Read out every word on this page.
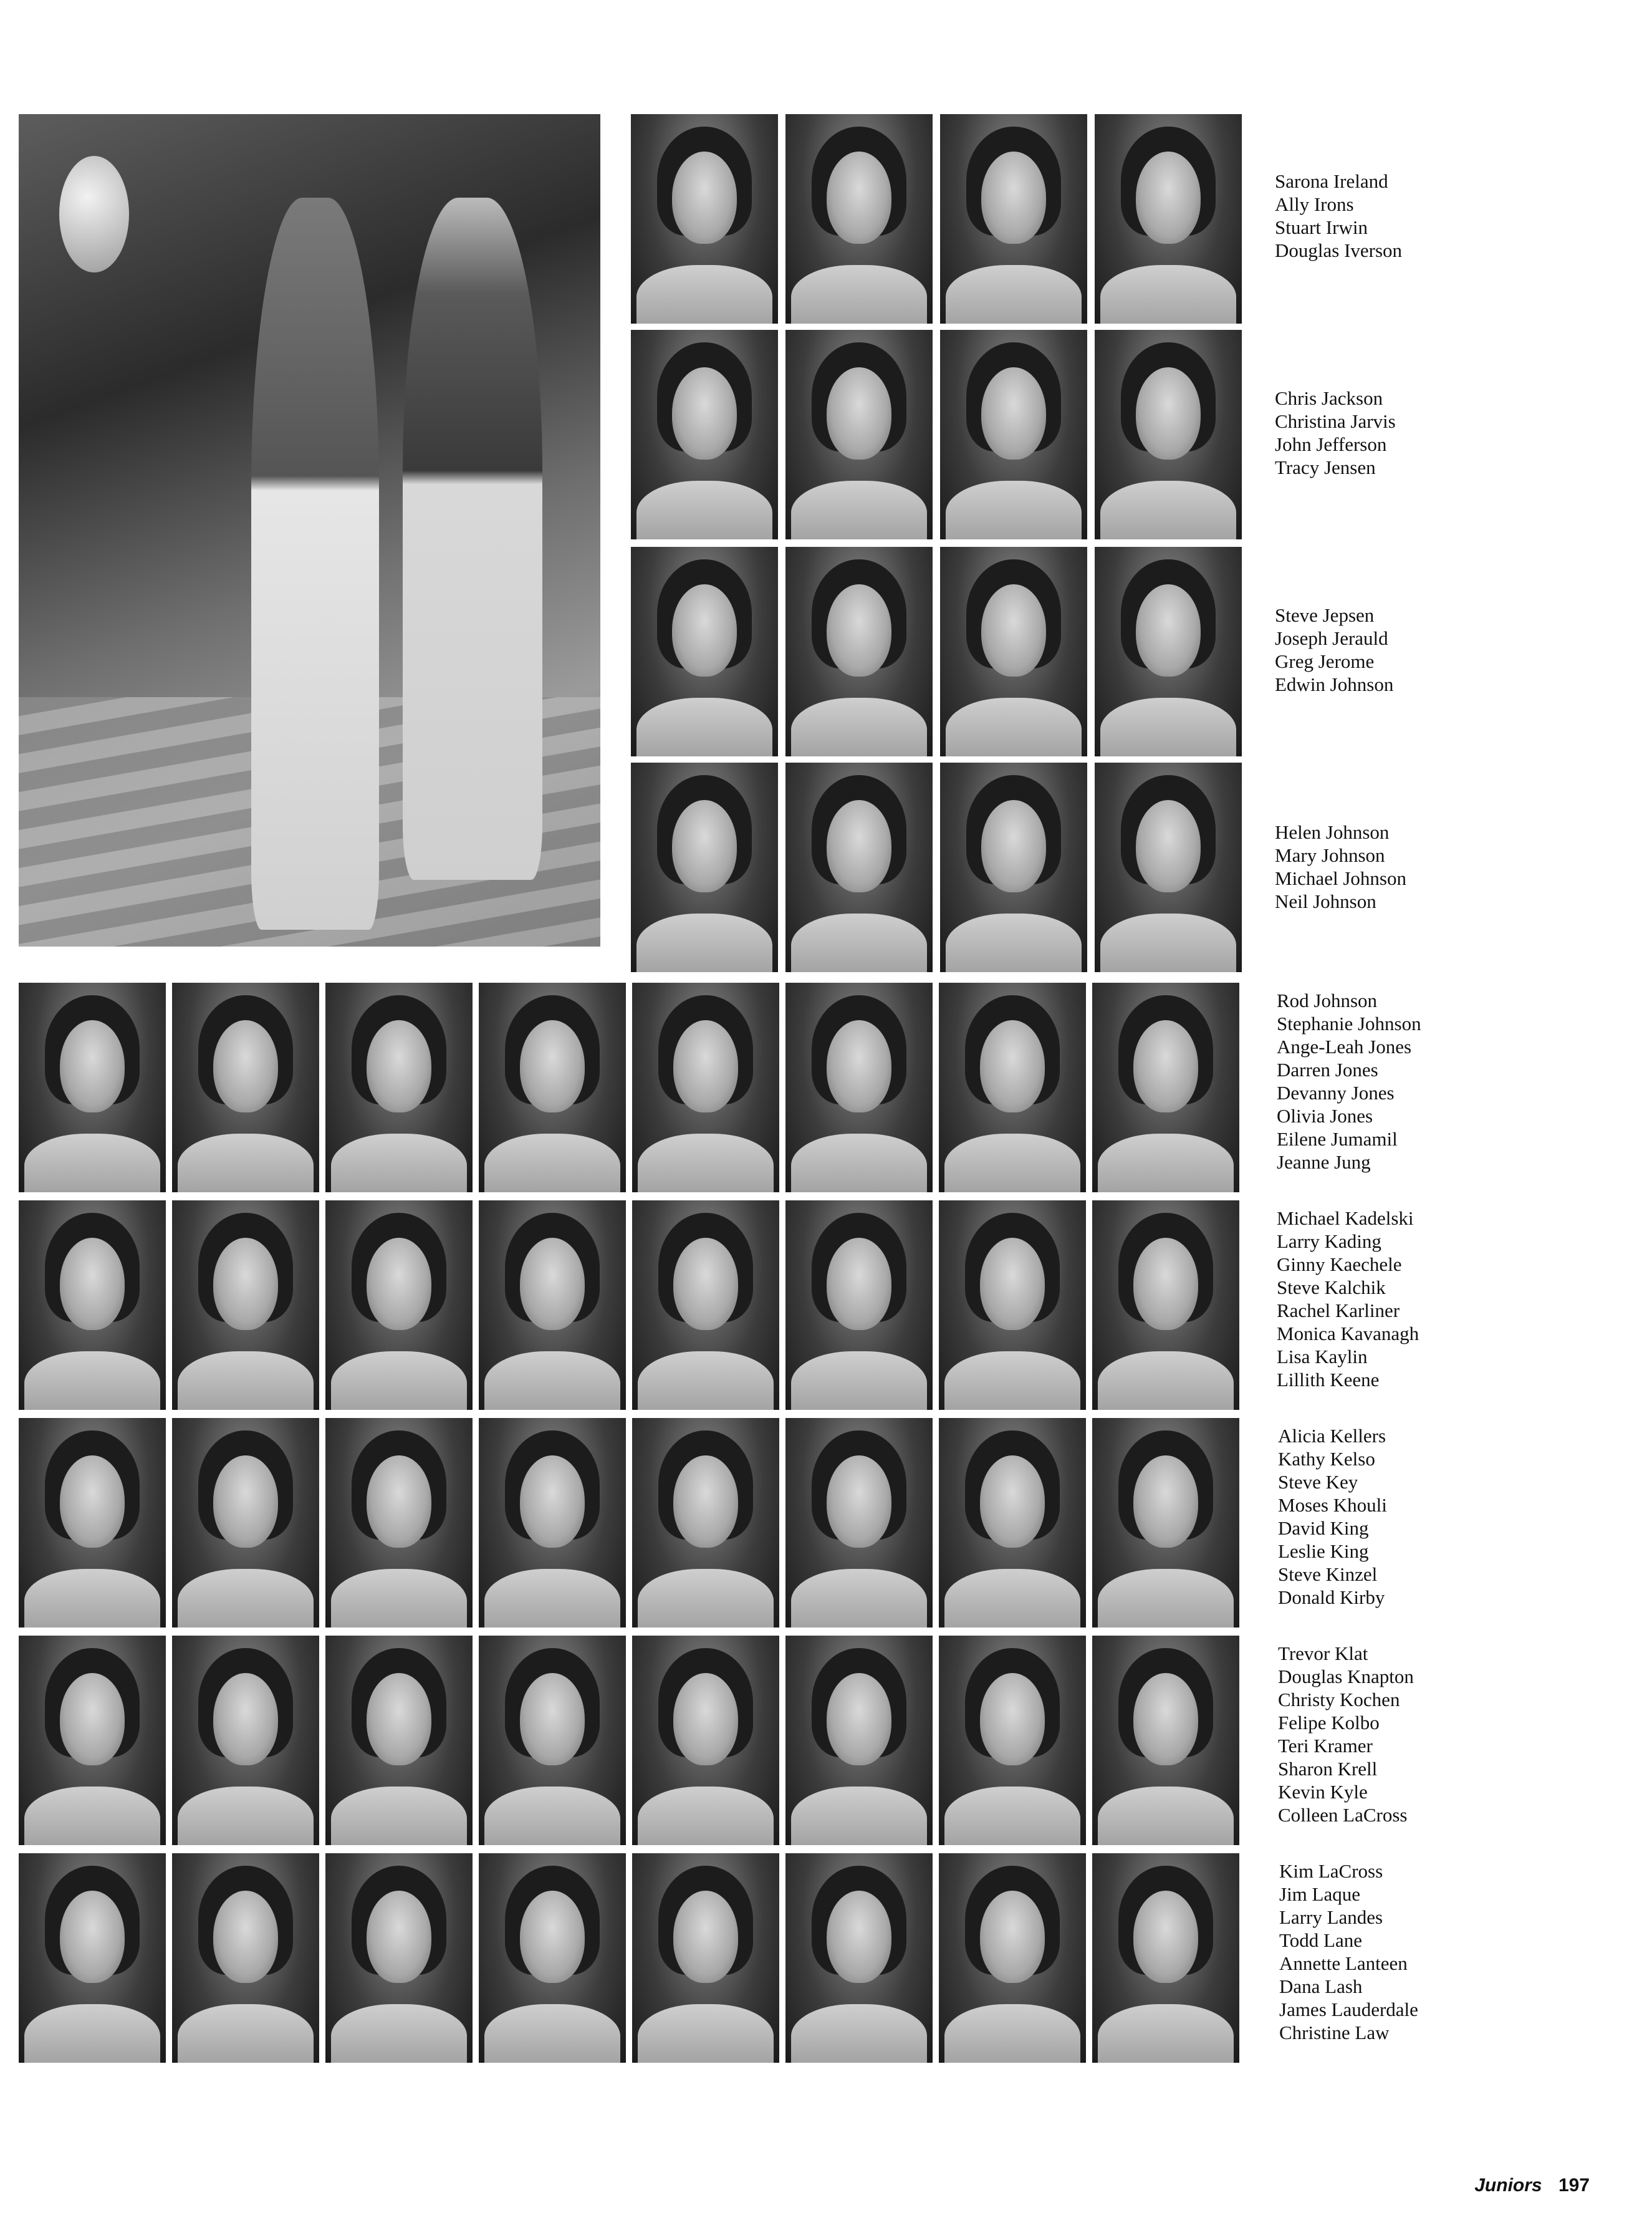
Sarona Ireland
Ally Irons
Stuart Irwin
Douglas Iverson
Chris Jackson
Christina Jarvis
John Jefferson
Tracy Jensen
Steve Jepsen
Joseph Jerauld
Greg Jerome
Edwin Johnson
Helen Johnson
Mary Johnson
Michael Johnson
Neil Johnson
Rod Johnson
Stephanie Johnson
Ange-Leah Jones
Darren Jones
Devanny Jones
Olivia Jones
Eilene Jumamil
Jeanne Jung
Michael Kadelski
Larry Kading
Ginny Kaechele
Steve Kalchik
Rachel Karliner
Monica Kavanagh
Lisa Kaylin
Lillith Keene
Alicia Kellers
Kathy Kelso
Steve Key
Moses Khouli
David King
Leslie King
Steve Kinzel
Donald Kirby
Trevor Klat
Douglas Knapton
Christy Kochen
Felipe Kolbo
Teri Kramer
Sharon Krell
Kevin Kyle
Colleen LaCross
Kim LaCross
Jim Laque
Larry Landes
Todd Lane
Annette Lanteen
Dana Lash
James Lauderdale
Christine Law
Juniors 197
